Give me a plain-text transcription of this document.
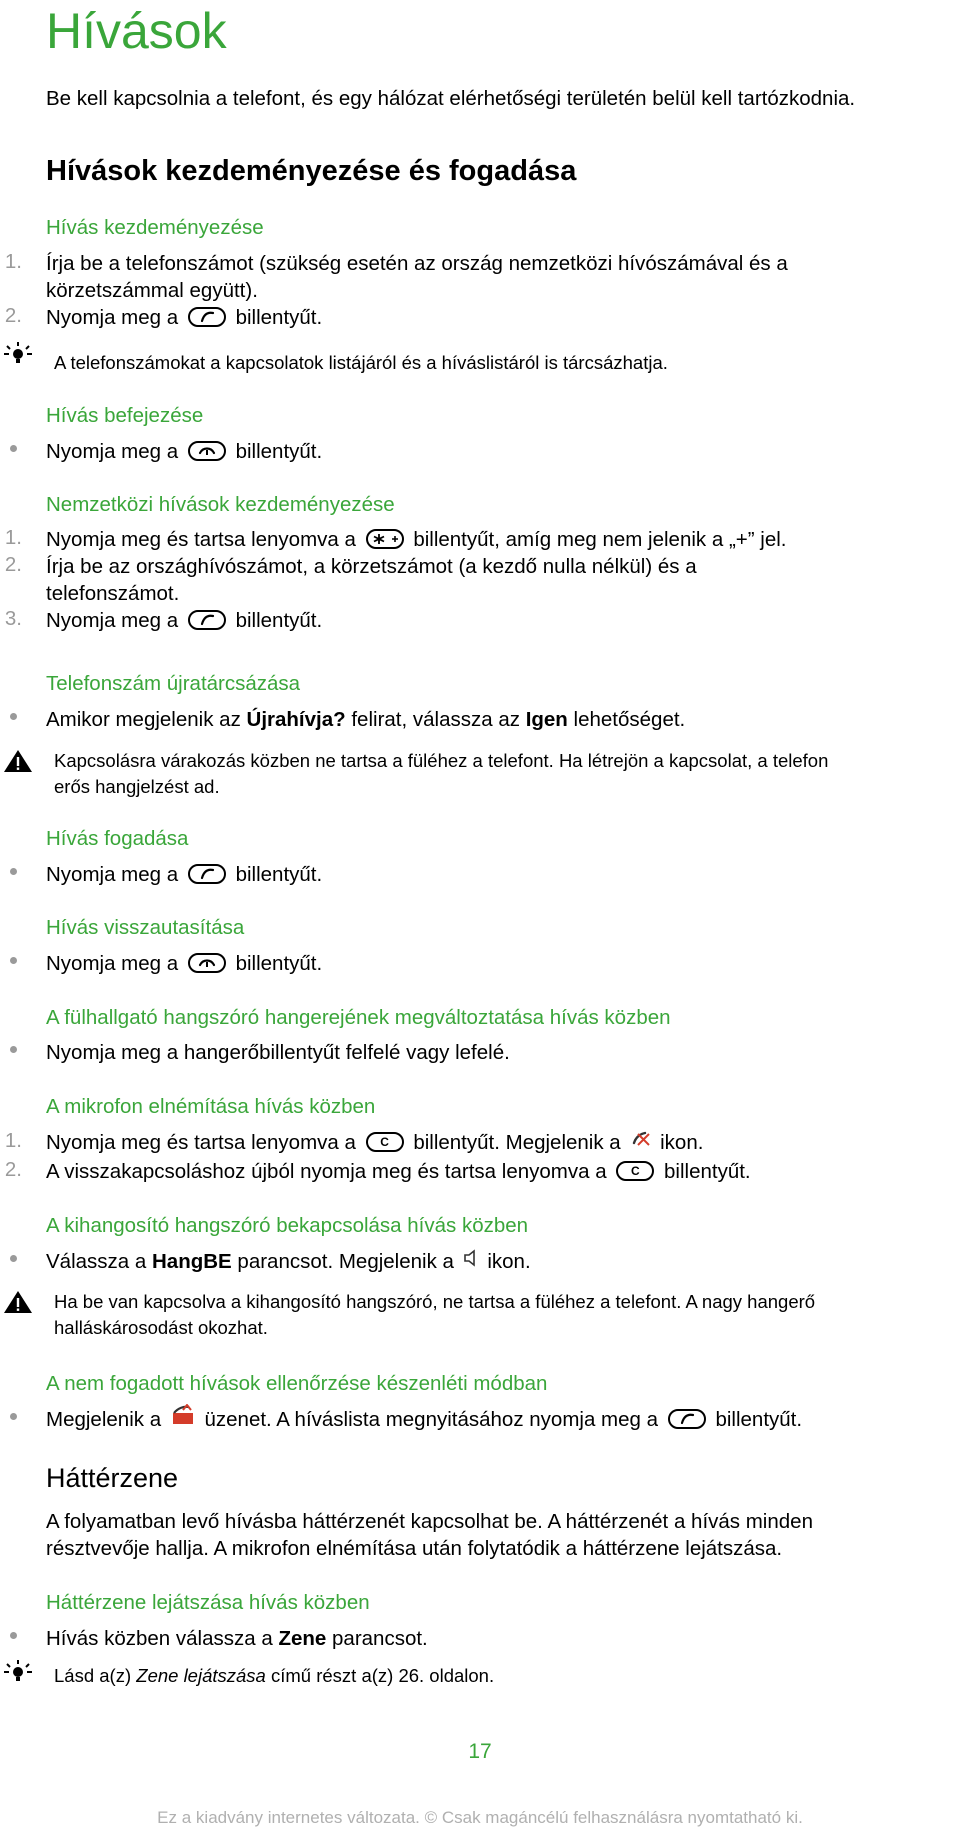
Hívások

Be kell kapcsolnia a telefont, és egy hálózat elérhetőségi területén belül kell tartózkodnia.

Hívások kezdeményezése és fogadása
Hívás kezdeményezése
1. Írja be a telefonszámot (szükség esetén az ország nemzetközi hívószámával és a
körzetszámmal együtt).
2. Nyomja meg a	billentyűt.

A telefonszámokat a kapcsolatok listájáról és a híváslistáról is tárcsázhatja.

Hívás befejezése
Nyomja meg a	billentyűt.
Nemzetközi hívások kezdeményezése
1. Nyomja meg és tartsa lenyomva a	billentyűt, amíg meg nem jelenik a „+” jel.
2. Írja be az országhívószámot, a körzetszámot (a kezdő nulla nélkül) és a
telefonszámot.
3. Nyomja meg a	billentyűt.
Telefonszám újratárcsázása
Amikor megjelenik az Újrahívja? felirat, válassza az Igen lehetőséget.
Kapcsolásra várakozás közben ne tartsa a füléhez a telefont. Ha létrejön a kapcsolat, a telefon
erős hangjelzést ad.
Hívás fogadása
Nyomja meg a	billentyűt.
Hívás visszautasítása
Nyomja meg a	billentyűt.
A fülhallgató hangszóró hangerejének megváltoztatása hívás közben
Nyomja meg a hangerőbillentyűt felfelé vagy lefelé.
A mikrofon elnémítása hívás közben
1. Nyomja meg és tartsa lenyomva a C billentyűt. Megjelenik a ikon.
2. A visszakapcsoláshoz újból nyomja meg és tartsa lenyomva a C billentyűt.
A kihangosító hangszóró bekapcsolása hívás közben
Válassza a HangBE parancsot. Megjelenik a ikon.
Ha be van kapcsolva a kihangosító hangszóró, ne tartsa a füléhez a telefont. A nagy hangerő
halláskárosodást okozhat.
A nem fogadott hívások ellenőrzése készenléti módban
Megjelenik a üzenet. A híváslista megnyitásához nyomja meg a	billentyűt.
Háttérzene
A folyamatban levő hívásba háttérzenét kapcsolhat be. A háttérzenét a hívás minden
résztvevője hallja. A mikrofon elnémítása után folytatódik a háttérzene lejátszása.
Háttérzene lejátszása hívás közben
Hívás közben válassza a Zene parancsot.
Lásd a(z) Zene lejátszása című részt a(z) 26. oldalon.
17
Ez a kiadvány internetes változata. © Csak magáncélú felhasználásra nyomtatható ki.
